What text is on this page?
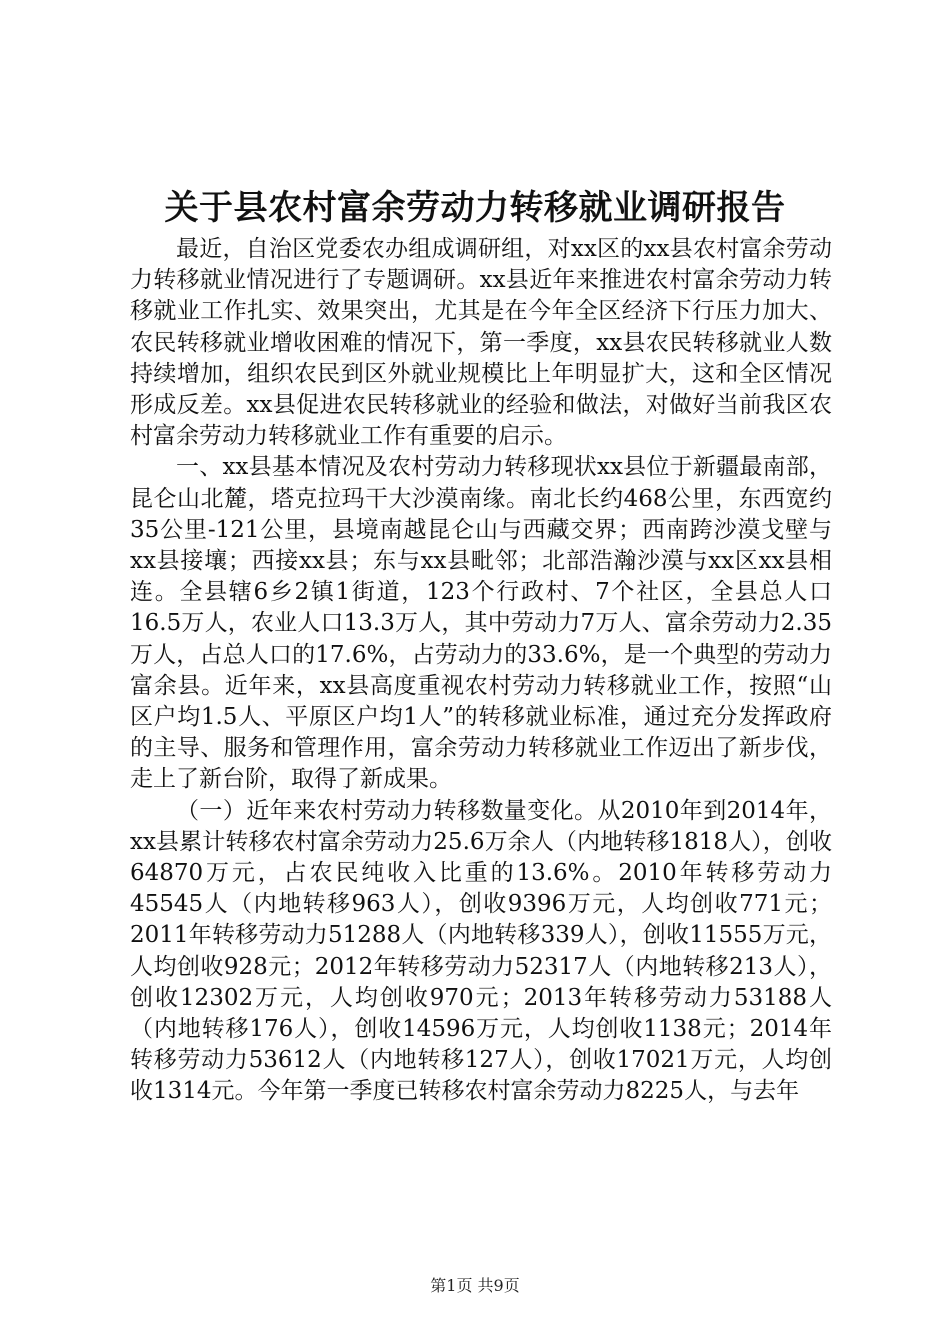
关于县农村富余劳动力转移就业调研报告

最近，自治区党委农办组成调研组，对xx区的xx县农村富余劳动力转移就业情况进行了专题调研。xx县近年来推进农村富余劳动力转移就业工作扎实、效果突出，尤其是在今年全区经济下行压力加大、农民转移就业增收困难的情况下，第一季度，xx县农民转移就业人数持续增加，组织农民到区外就业规模比上年明显扩大，这和全区情况形成反差。xx县促进农民转移就业的经验和做法，对做好当前我区农村富余劳动力转移就业工作有重要的启示。

一、xx县基本情况及农村劳动力转移现状xx县位于新疆最南部，昆仑山北麓，塔克拉玛干大沙漠南缘。南北长约468公里，东西宽约35公里-121公里，县境南越昆仑山与西藏交界；西南跨沙漠戈壁与xx县接壤；西接xx县；东与xx县毗邻；北部浩瀚沙漠与xx区xx县相连。全县辖6乡2镇1街道，123个行政村、7个社区，全县总人口16.5万人，农业人口13.3万人，其中劳动力7万人、富余劳动力2.35万人，占总人口的17.6%，占劳动力的33.6%，是一个典型的劳动力富余县。近年来，xx县高度重视农村劳动力转移就业工作，按照“山区户均1.5人、平原区户均1人”的转移就业标准，通过充分发挥政府的主导、服务和管理作用，富余劳动力转移就业工作迈出了新步伐，走上了新台阶，取得了新成果。

（一）近年来农村劳动力转移数量变化。从2010年到2014年，xx县累计转移农村富余劳动力25.6万余人（内地转移1818人），创收64870万元，占农民纯收入比重的13.6%。2010年转移劳动力45545人（内地转移963人），创收9396万元，人均创收771元；2011年转移劳动力51288人（内地转移339人），创收11555万元，人均创收928元；2012年转移劳动力52317人（内地转移213人），创收12302万元，人均创收970元；2013年转移劳动力53188人（内地转移176人），创收14596万元，人均创收1138元；2014年转移劳动力53612人（内地转移127人），创收17021万元，人均创收1314元。今年第一季度已转移农村富余劳动力8225人，与去年

第1页 共9页
